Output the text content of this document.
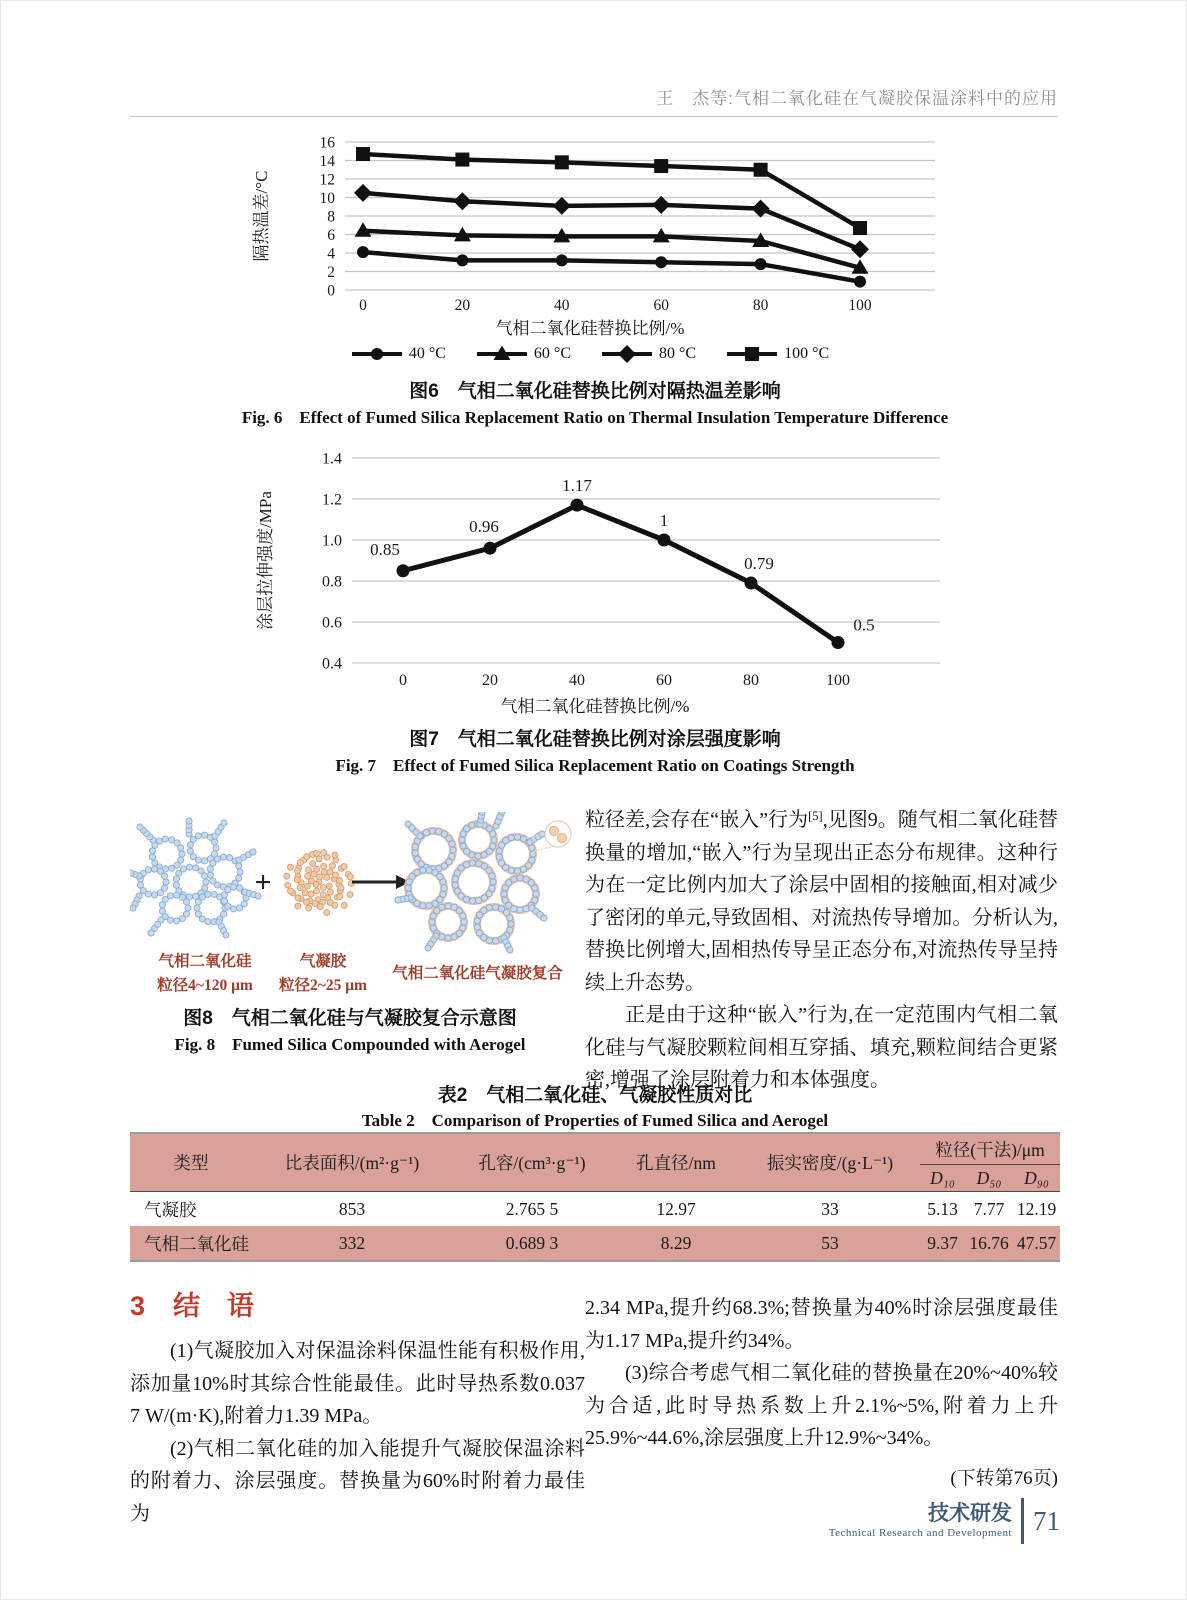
王　杰等:气相二氧化硅在气凝胶保温涂料中的应用
0
2
4
6
8
10
12
14
16
0	20	40	60	80	100
隔热温差/°C
气相二氧化硅替换比例/%
40 °C	60 °C	80 °C	100 °C
图6　气相二氧化硅替换比例对隔热温差影响
Fig. 6　Effect of Fumed Silica Replacement Ratio on Thermal Insulation Temperature Difference
0.4
0.6
0.8
1.0
1.2
1.4
0	20	40	60	80	100
涂层拉伸强度/MPa	0.85
0.96
1.17
1
0.79
0.5
气相二氧化硅替换比例/%
图7　气相二氧化硅替换比例对涂层强度影响
Fig. 7　Effect of Fumed Silica Replacement Ratio on Coatings Strength
+
气相二氧化硅
粒径4~120 μm
气凝胶
粒径2~25 μm
气相二氧化硅气凝胶复合
图8　气相二氧化硅与气凝胶复合示意图
Fig. 8　Fumed Silica Compounded with Aerogel

粒径差,会存在“嵌入”行为[5],见图9。随气相二氧化硅替换量的增加,“嵌入”行为呈现出正态分布规律。这种行为在一定比例内加大了涂层中固相的接触面,相对减少了密闭的单元,导致固相、对流热传导增加。分析认为,替换比例增大,固相热传导呈正态分布,对流热传导呈持续上升态势。

正是由于这种“嵌入”行为,在一定范围内气相二氧化硅与气凝胶颗粒间相互穿插、填充,颗粒间结合更紧密,增强了涂层附着力和本体强度。

表2　气相二氧化硅、气凝胶性质对比
Table 2　Comparison of Properties of Fumed Silica and Aerogel
类型	比表面积/(m²·g⁻¹)	孔容/(cm³·g⁻¹)	孔直径/nm	振实密度/(g·L⁻¹)	粒径(干法)/μm		
					D₁₀	D₅₀	D₉₀
气凝胶	853	2.765 5	12.97	33	5.13	7.77	12.19
气相二氧化硅	332	0.689 3	8.29	53	9.37	16.76	47.57
3 结　语

(1)气凝胶加入对保温涂料保温性能有积极作用,添加量10%时其综合性能最佳。此时导热系数0.037 7 W/(m·K),附着力1.39 MPa。

(2)气相二氧化硅的加入能提升气凝胶保温涂料的附着力、涂层强度。替换量为60%时附着力最佳为

2.34 MPa,提升约68.3%;替换量为40%时涂层强度最佳为1.17 MPa,提升约34%。

(3)综合考虑气相二氧化硅的替换量在20%~40%较为合适,此时导热系数上升2.1%~5%,附着力上升25.9%~44.6%,涂层强度上升12.9%~34%。

(下转第76页)
技术研发
Technical Research and Development 71
